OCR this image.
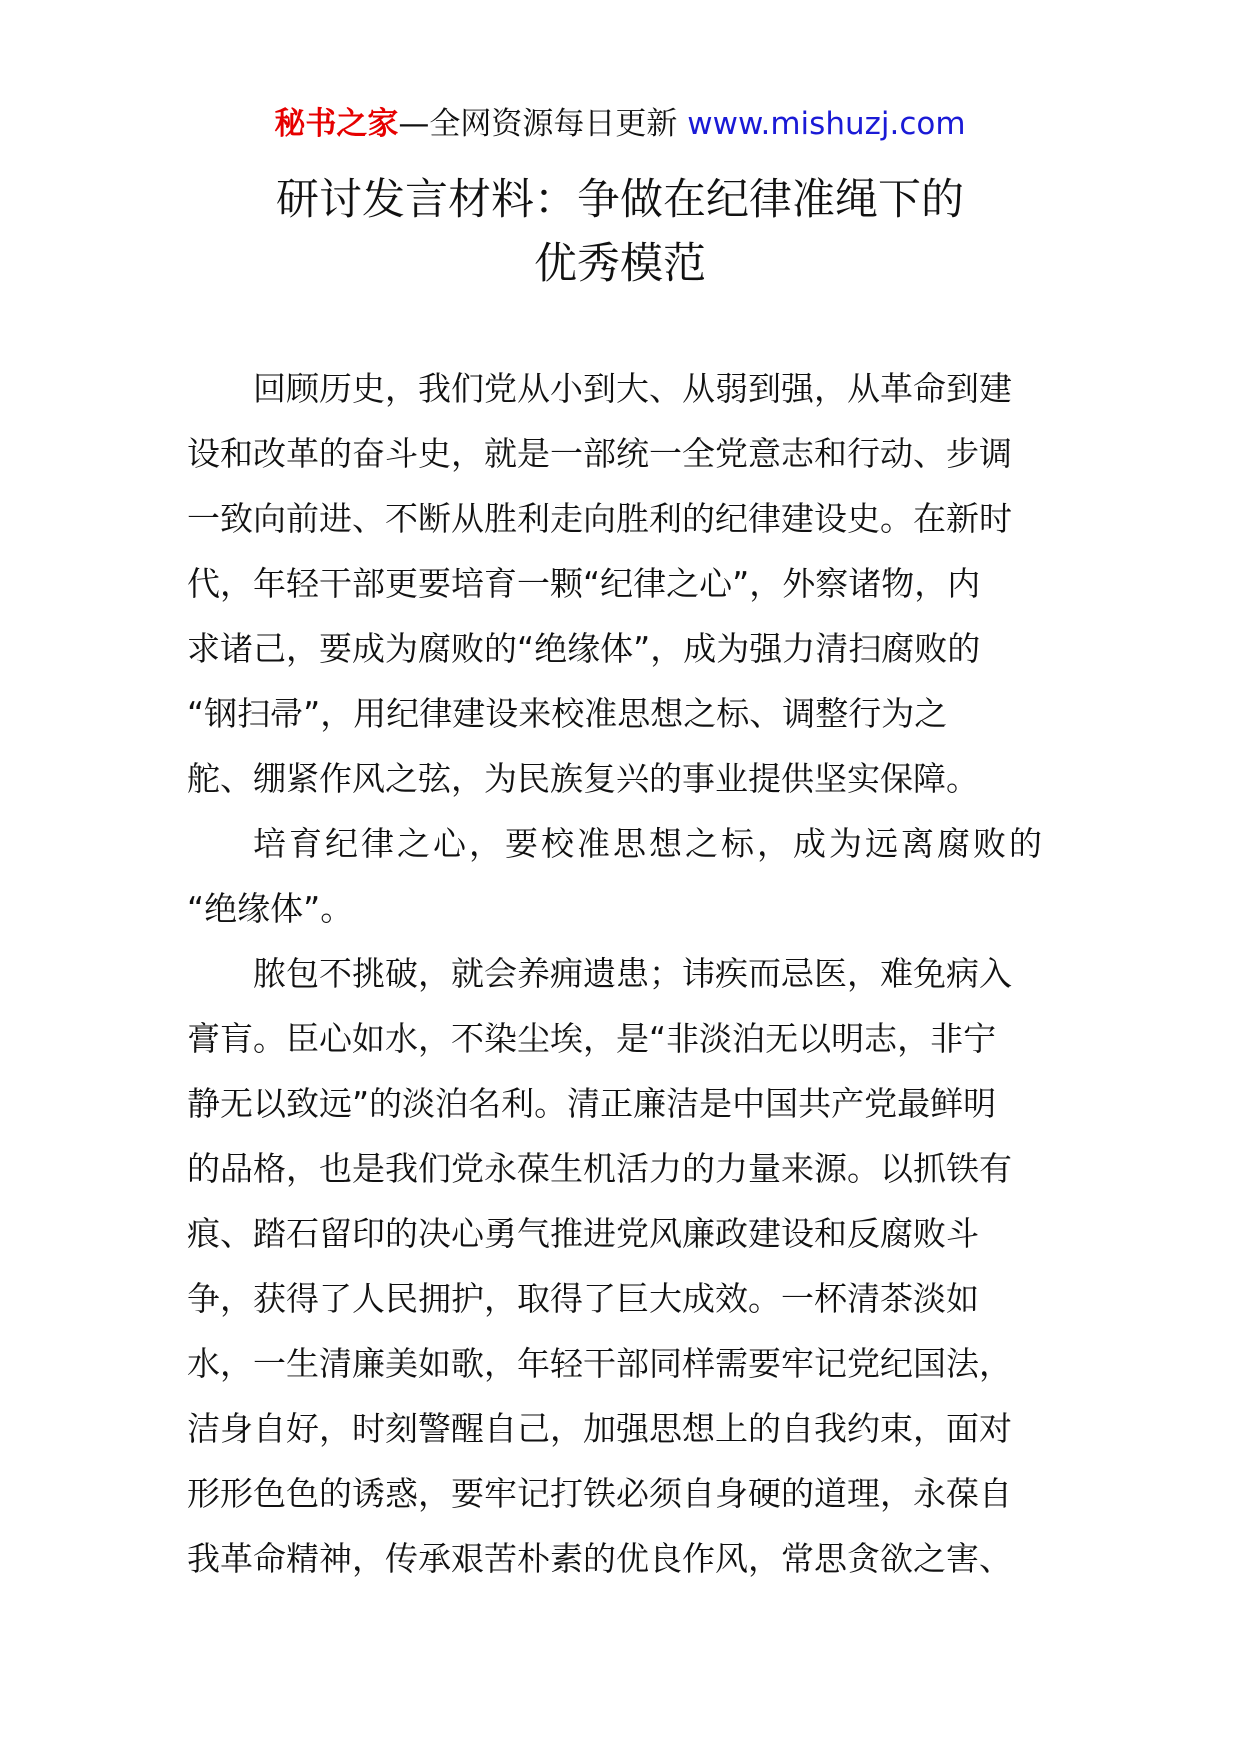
秘书之家—全网资源每日更新 www.mishuzj.com
研讨发言材料：争做在纪律准绳下的
优秀模范

回顾历史，我们党从小到大、从弱到强，从革命到建

设和改革的奋斗史，就是一部统一全党意志和行动、步调

一致向前进、不断从胜利走向胜利的纪律建设史。在新时

代，年轻干部更要培育一颗“纪律之心”，外察诸物，内

求诸己，要成为腐败的“绝缘体”，成为强力清扫腐败的

“钢扫帚”，用纪律建设来校准思想之标、调整行为之

舵、绷紧作风之弦，为民族复兴的事业提供坚实保障。

培育纪律之心，要校准思想之标，成为远离腐败的

“绝缘体”。

脓包不挑破，就会养痈遗患；讳疾而忌医，难免病入

膏肓。臣心如水，不染尘埃，是“非淡泊无以明志，非宁

静无以致远”的淡泊名利。清正廉洁是中国共产党最鲜明

的品格，也是我们党永葆生机活力的力量来源。以抓铁有

痕、踏石留印的决心勇气推进党风廉政建设和反腐败斗

争，获得了人民拥护，取得了巨大成效。一杯清茶淡如

水，一生清廉美如歌，年轻干部同样需要牢记党纪国法，

洁身自好，时刻警醒自己，加强思想上的自我约束，面对

形形色色的诱惑，要牢记打铁必须自身硬的道理，永葆自

我革命精神，传承艰苦朴素的优良作风，常思贪欲之害、
